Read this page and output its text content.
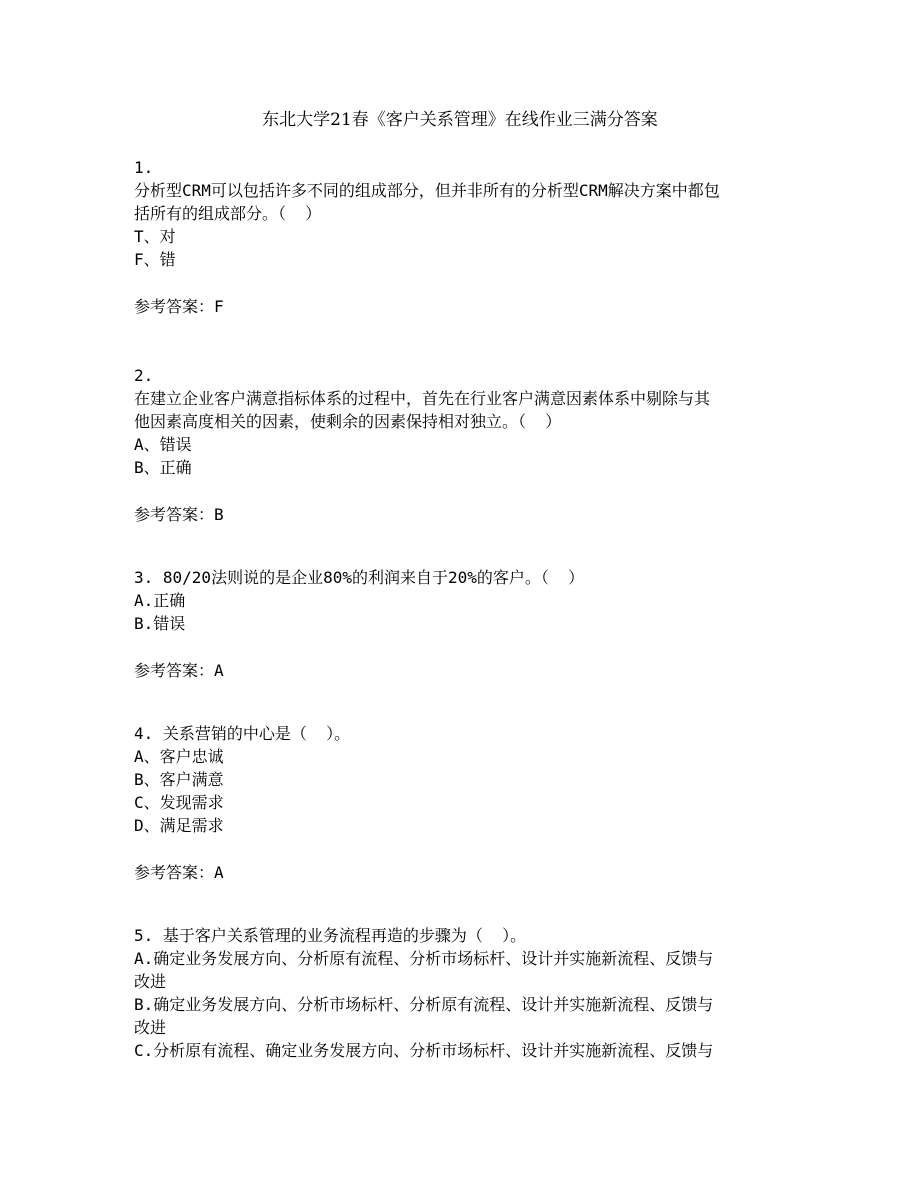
东北大学21春《客户关系管理》在线作业三满分答案
1.
分析型CRM可以包括许多不同的组成部分，但并非所有的分析型CRM解决方案中都包
括所有的组成部分。（  ）
T、对
F、错
参考答案：F
2.
在建立企业客户满意指标体系的过程中，首先在行业客户满意因素体系中剔除与其
他因素高度相关的因素，使剩余的因素保持相对独立。（  ）
A、错误
B、正确
参考答案：B
3. 80/20法则说的是企业80%的利润来自于20%的客户。（  ）
A.正确
B.错误
参考答案：A
4. 关系营销的中心是（  ）。
A、客户忠诚
B、客户满意
C、发现需求
D、满足需求
参考答案：A
5. 基于客户关系管理的业务流程再造的步骤为（  ）。
A.确定业务发展方向、分析原有流程、分析市场标杆、设计并实施新流程、反馈与
改进
B.确定业务发展方向、分析市场标杆、分析原有流程、设计并实施新流程、反馈与
改进
C.分析原有流程、确定业务发展方向、分析市场标杆、设计并实施新流程、反馈与
